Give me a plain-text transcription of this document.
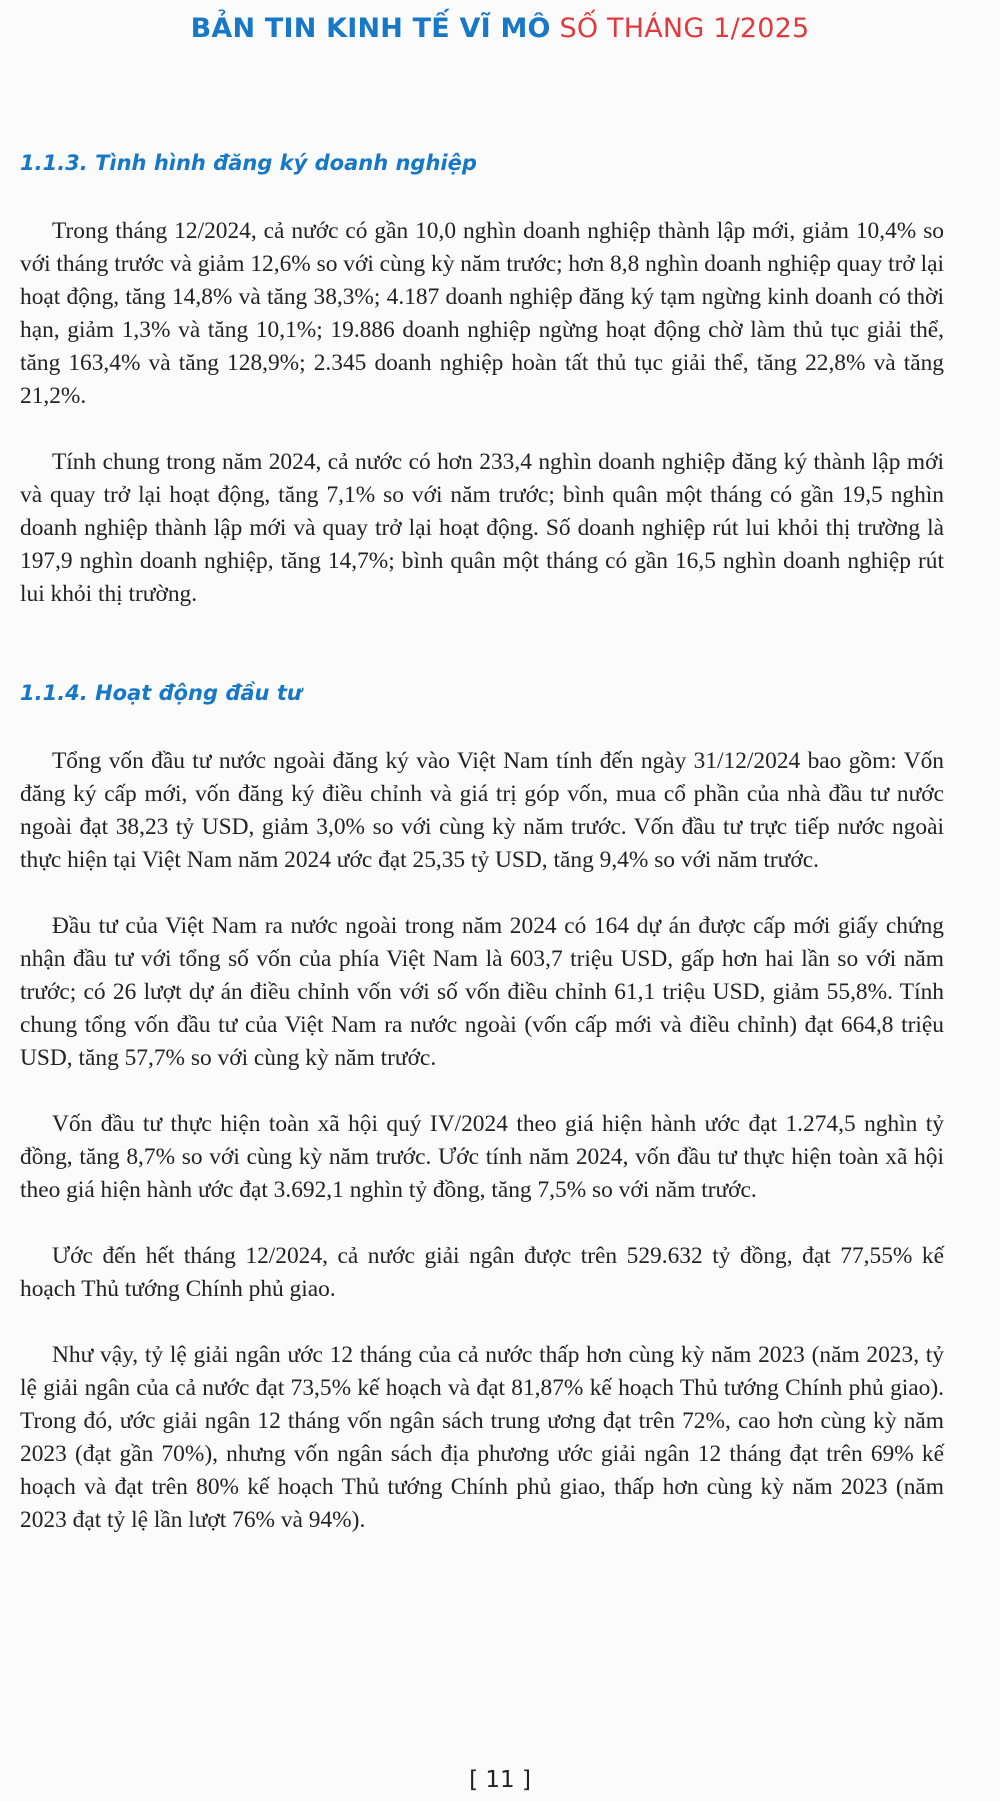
BẢN TIN KINH TẾ VĨ MÔ SỐ THÁNG 1/2025
1.1.3. Tình hình đăng ký doanh nghiệp

Trong tháng 12/2024, cả nước có gần 10,0 nghìn doanh nghiệp thành lập mới, giảm 10,4% so với tháng trước và giảm 12,6% so với cùng kỳ năm trước; hơn 8,8 nghìn doanh nghiệp quay trở lại hoạt động, tăng 14,8% và tăng 38,3%; 4.187 doanh nghiệp đăng ký tạm ngừng kinh doanh có thời hạn, giảm 1,3% và tăng 10,1%; 19.886 doanh nghiệp ngừng hoạt động chờ làm thủ tục giải thể, tăng 163,4% và tăng 128,9%; 2.345 doanh nghiệp hoàn tất thủ tục giải thể, tăng 22,8% và tăng 21,2%.

Tính chung trong năm 2024, cả nước có hơn 233,4 nghìn doanh nghiệp đăng ký thành lập mới và quay trở lại hoạt động, tăng 7,1% so với năm trước; bình quân một tháng có gần 19,5 nghìn doanh nghiệp thành lập mới và quay trở lại hoạt động. Số doanh nghiệp rút lui khỏi thị trường là 197,9 nghìn doanh nghiệp, tăng 14,7%; bình quân một tháng có gần 16,5 nghìn doanh nghiệp rút lui khỏi thị trường.

1.1.4. Hoạt động đầu tư

Tổng vốn đầu tư nước ngoài đăng ký vào Việt Nam tính đến ngày 31/12/2024 bao gồm: Vốn đăng ký cấp mới, vốn đăng ký điều chỉnh và giá trị góp vốn, mua cổ phần của nhà đầu tư nước ngoài đạt 38,23 tỷ USD, giảm 3,0% so với cùng kỳ năm trước. Vốn đầu tư trực tiếp nước ngoài thực hiện tại Việt Nam năm 2024 ước đạt 25,35 tỷ USD, tăng 9,4% so với năm trước.

Đầu tư của Việt Nam ra nước ngoài trong năm 2024 có 164 dự án được cấp mới giấy chứng nhận đầu tư với tổng số vốn của phía Việt Nam là 603,7 triệu USD, gấp hơn hai lần so với năm trước; có 26 lượt dự án điều chỉnh vốn với số vốn điều chỉnh 61,1 triệu USD, giảm 55,8%. Tính chung tổng vốn đầu tư của Việt Nam ra nước ngoài (vốn cấp mới và điều chỉnh) đạt 664,8 triệu USD, tăng 57,7% so với cùng kỳ năm trước.

Vốn đầu tư thực hiện toàn xã hội quý IV/2024 theo giá hiện hành ước đạt 1.274,5 nghìn tỷ đồng, tăng 8,7% so với cùng kỳ năm trước. Ước tính năm 2024, vốn đầu tư thực hiện toàn xã hội theo giá hiện hành ước đạt 3.692,1 nghìn tỷ đồng, tăng 7,5% so với năm trước.

Ước đến hết tháng 12/2024, cả nước giải ngân được trên 529.632 tỷ đồng, đạt 77,55% kế hoạch Thủ tướng Chính phủ giao.

Như vậy, tỷ lệ giải ngân ước 12 tháng của cả nước thấp hơn cùng kỳ năm 2023 (năm 2023, tỷ lệ giải ngân của cả nước đạt 73,5% kế hoạch và đạt 81,87% kế hoạch Thủ tướng Chính phủ giao). Trong đó, ước giải ngân 12 tháng vốn ngân sách trung ương đạt trên 72%, cao hơn cùng kỳ năm 2023 (đạt gần 70%), nhưng vốn ngân sách địa phương ước giải ngân 12 tháng đạt trên 69% kế hoạch và đạt trên 80% kế hoạch Thủ tướng Chính phủ giao, thấp hơn cùng kỳ năm 2023 (năm 2023 đạt tỷ lệ lần lượt 76% và 94%).

[ 11 ]
